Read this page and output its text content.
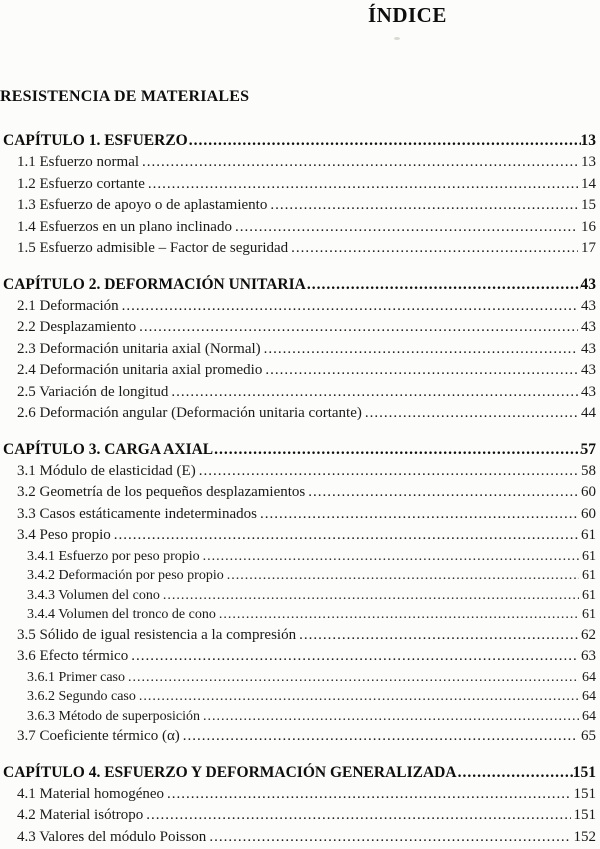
ÍNDICE
RESISTENCIA DE MATERIALES
CAPÍTULO 1. ESFUERZO .....	13
1.1 Esfuerzo normal .....	13
1.2 Esfuerzo cortante .....	14
1.3 Esfuerzo de apoyo o de aplastamiento .....	15
1.4 Esfuerzos en un plano inclinado .....	16
1.5 Esfuerzo admisible – Factor de seguridad .....	17
CAPÍTULO 2. DEFORMACIÓN UNITARIA .....	43
2.1 Deformación .....	43
2.2 Desplazamiento .....	43
2.3 Deformación unitaria axial (Normal) .....	43
2.4 Deformación unitaria axial promedio .....	43
2.5 Variación de longitud .....	43
2.6 Deformación angular (Deformación unitaria cortante) .....	44
CAPÍTULO 3. CARGA AXIAL .....	57
3.1 Módulo de elasticidad (E) .....	58
3.2 Geometría de los pequeños desplazamientos .....	60
3.3 Casos estáticamente indeterminados .....	60
3.4 Peso propio .....	61
3.4.1 Esfuerzo por peso propio .....	61
3.4.2 Deformación por peso propio .....	61
3.4.3 Volumen del cono .....	61
3.4.4 Volumen del tronco de cono .....	61
3.5 Sólido de igual resistencia a la compresión .....	62
3.6 Efecto térmico .....	63
3.6.1 Primer caso .....	64
3.6.2 Segundo caso .....	64
3.6.3 Método de superposición .....	64
3.7 Coeficiente térmico (α) .....	65
CAPÍTULO 4. ESFUERZO Y DEFORMACIÓN GENERALIZADA .....	151
4.1 Material homogéneo .....	151
4.2 Material isótropo .....	151
4.3 Valores del módulo Poisson .....	152
